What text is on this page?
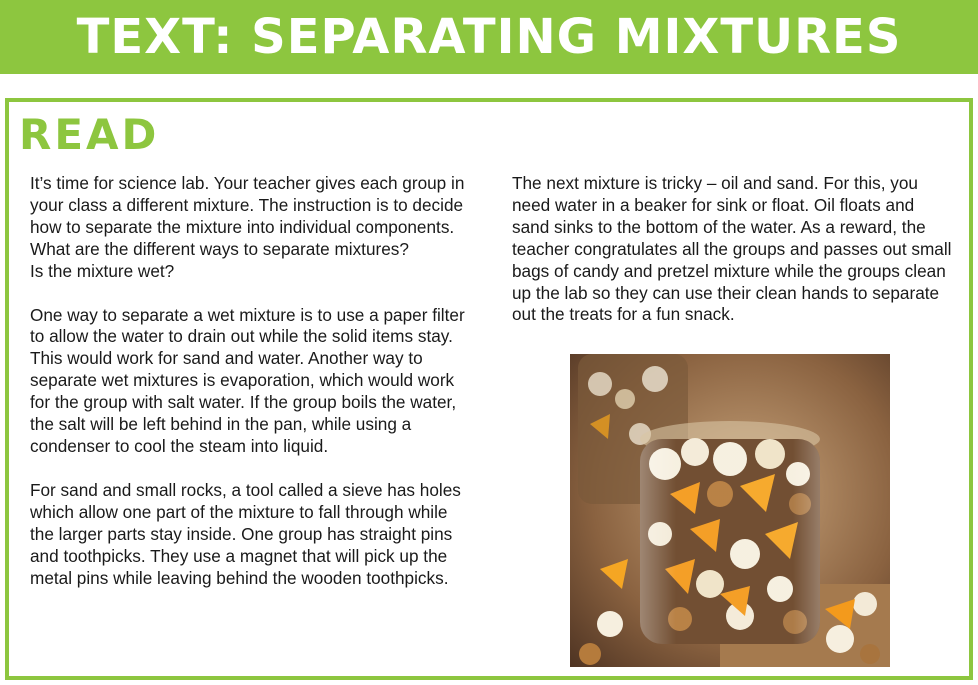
TEXT: SEPARATING MIXTURES
READ

It’s time for science lab. Your teacher gives each group in your class a different mixture. The instruction is to decide how to separate the mixture into individual components. What are the different ways to separate mixtures?
Is the mixture wet?

One way to separate a wet mixture is to use a paper filter to allow the water to drain out while the solid items stay. This would work for sand and water. Another way to separate wet mixtures is evaporation, which would work for the group with salt water. If the group boils the water, the salt will be left behind in the pan, while using a condenser to cool the steam into liquid.

For sand and small rocks, a tool called a sieve has holes which allow one part of the mixture to fall through while the larger parts stay inside. One group has straight pins and toothpicks. They use a magnet that will pick up the metal pins while leaving behind the wooden toothpicks.

The next mixture is tricky – oil and sand. For this, you need water in a beaker for sink or float. Oil floats and sand sinks to the bottom of the water. As a reward, the teacher congratulates all the groups and passes out small bags of candy and pretzel mixture while the groups clean up the lab so they can use their clean hands to separate out the treats for a fun snack.
